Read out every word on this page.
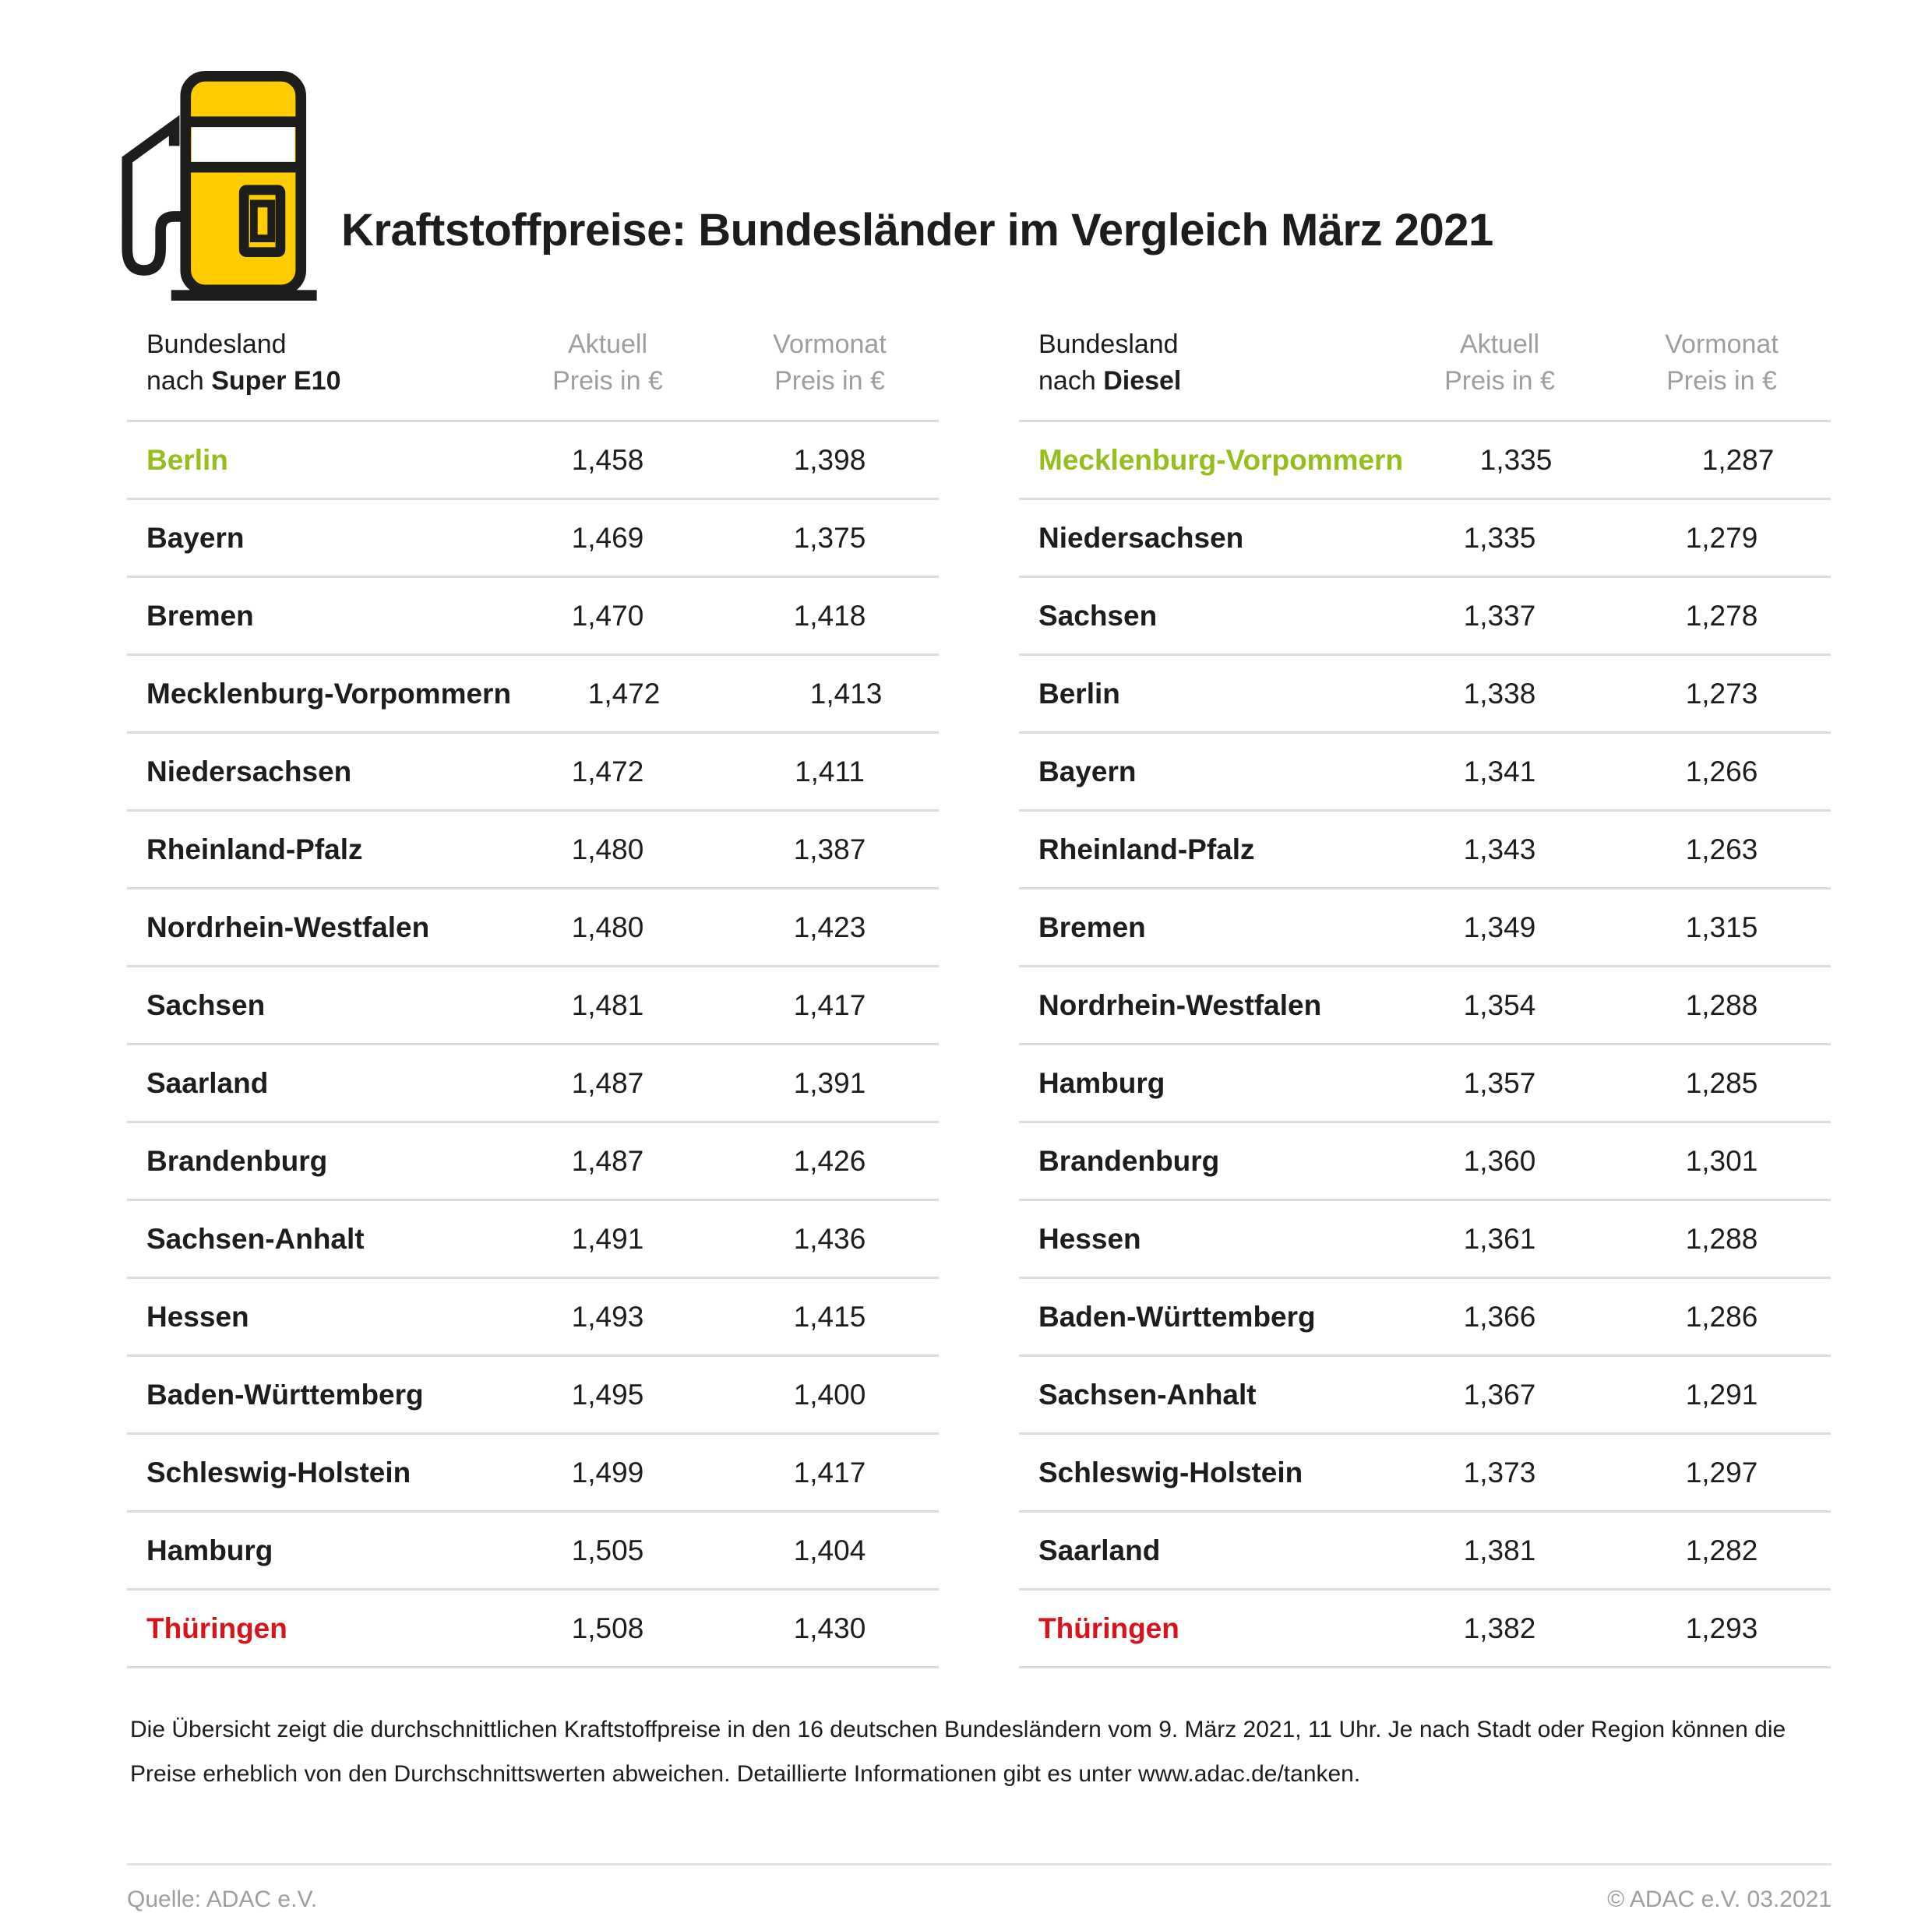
Kraftstoffpreise: Bundesländer im Vergleich März 2021
Bundesland
nach Super E10
Aktuell
Preis in €
Vormonat
Preis in €
Berlin	1,458	1,398
Bayern	1,469	1,375
Bremen	1,470	1,418
Mecklenburg-Vorpommern	1,472	1,413
Niedersachsen	1,472	1,411
Rheinland-Pfalz	1,480	1,387
Nordrhein-Westfalen	1,480	1,423
Sachsen	1,481	1,417
Saarland	1,487	1,391
Brandenburg	1,487	1,426
Sachsen-Anhalt	1,491	1,436
Hessen	1,493	1,415
Baden-Württemberg	1,495	1,400
Schleswig-Holstein	1,499	1,417
Hamburg	1,505	1,404
Thüringen	1,508	1,430
Bundesland
nach Diesel
Aktuell
Preis in €
Vormonat
Preis in €
Mecklenburg-Vorpommern	1,335	1,287
Niedersachsen	1,335	1,279
Sachsen	1,337	1,278
Berlin	1,338	1,273
Bayern	1,341	1,266
Rheinland-Pfalz	1,343	1,263
Bremen	1,349	1,315
Nordrhein-Westfalen	1,354	1,288
Hamburg	1,357	1,285
Brandenburg	1,360	1,301
Hessen	1,361	1,288
Baden-Württemberg	1,366	1,286
Sachsen-Anhalt	1,367	1,291
Schleswig-Holstein	1,373	1,297
Saarland	1,381	1,282
Thüringen	1,382	1,293

Die Übersicht zeigt die durchschnittlichen Kraftstoffpreise in den 16 deutschen Bundesländern vom 9. März 2021, 11 Uhr. Je nach Stadt oder Region können die
Preise erheblich von den Durchschnittswerten abweichen. Detaillierte Informationen gibt es unter www.adac.de/tanken.

Quelle: ADAC e.V.	© ADAC e.V. 03.2021
